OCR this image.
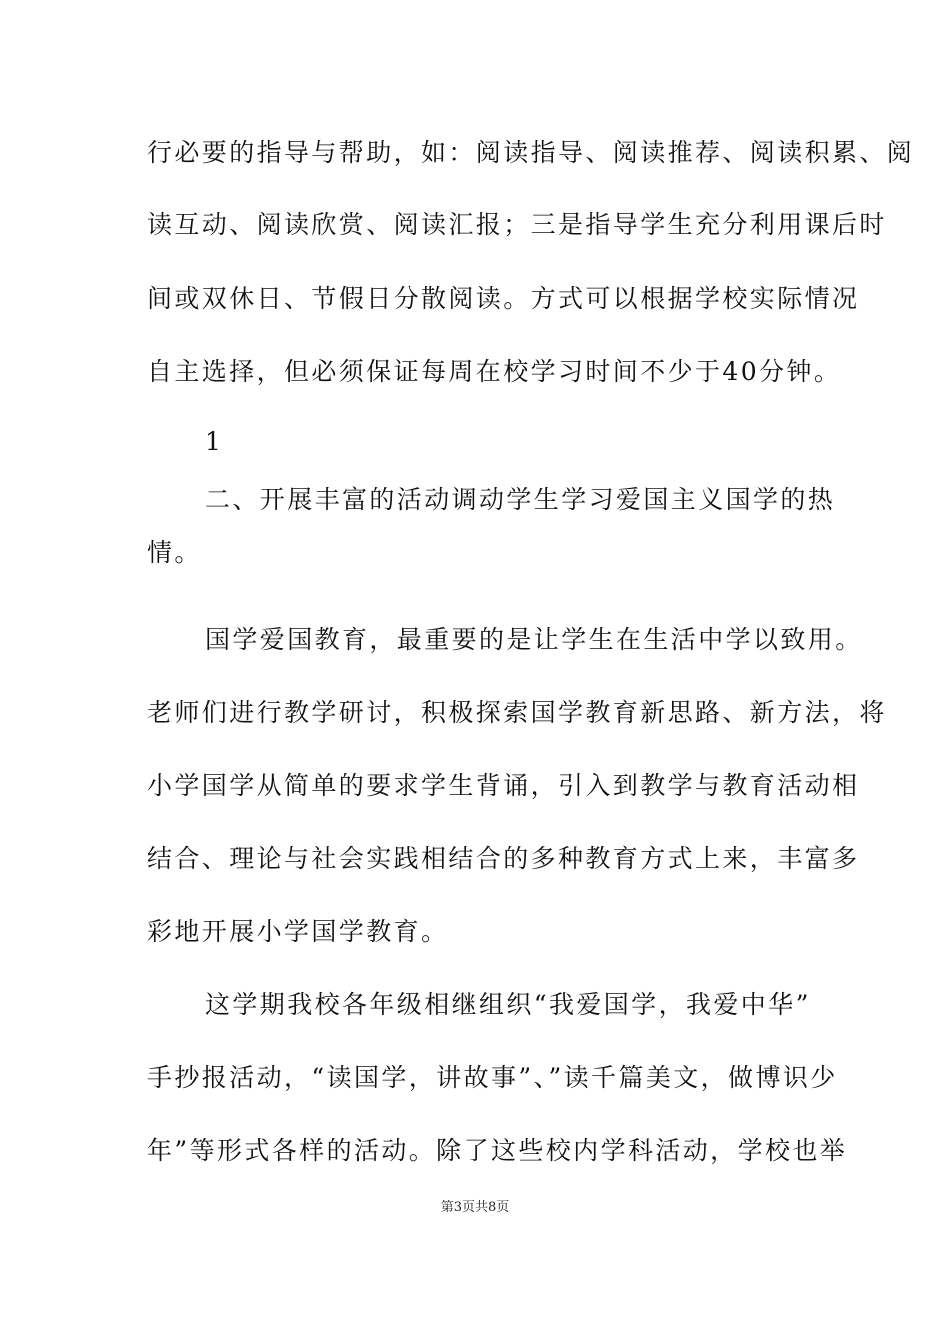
行必要的指导与帮助，如：阅读指导、阅读推荐、阅读积累、阅
读互动、阅读欣赏、阅读汇报；三是指导学生充分利用课后时
间或双休日、节假日分散阅读。方式可以根据学校实际情况
自主选择，但必须保证每周在校学习时间不少于40分钟。
1
二、开展丰富的活动调动学生学习爱国主义国学的热
情。
国学爱国教育，最重要的是让学生在生活中学以致用。
老师们进行教学研讨，积极探索国学教育新思路、新方法，将
小学国学从简单的要求学生背诵，引入到教学与教育活动相
结合、理论与社会实践相结合的多种教育方式上来，丰富多
彩地开展小学国学教育。
这学期我校各年级相继组织“我爱国学，我爱中华”
手抄报活动，“读国学，讲故事”、”读千篇美文，做博识少
年”等形式各样的活动。除了这些校内学科活动，学校也举
第3页共8页
